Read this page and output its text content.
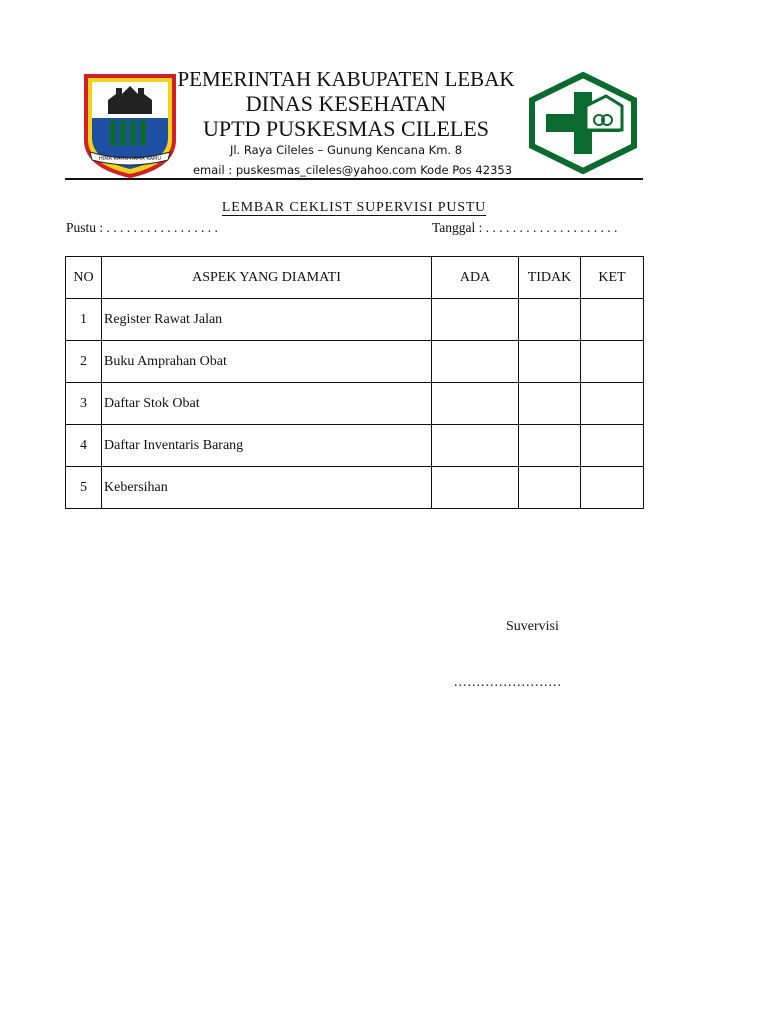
HIMA RAMU HAMA RAMU
PEMERINTAH KABUPATEN LEBAK
DINAS KESEHATAN
UPTD PUSKESMAS CILELES
Jl. Raya Cileles – Gunung Kencana Km. 8
email : puskesmas_cileles@yahoo.com Kode Pos 42353
LEMBAR CEKLIST SUPERVISI PUSTU
Pustu : . . . . . . . . . . . . . . . . .	Tanggal : . . . . . . . . . . . . . . . . . . . .
NO	ASPEK YANG DIAMATI	ADA	TIDAK	KET
1	Register Rawat Jalan			
2	Buku Amprahan Obat			
3	Daftar Stok Obat			
4	Daftar Inventaris Barang			
5	Kebersihan			
Suvervisi
........................
